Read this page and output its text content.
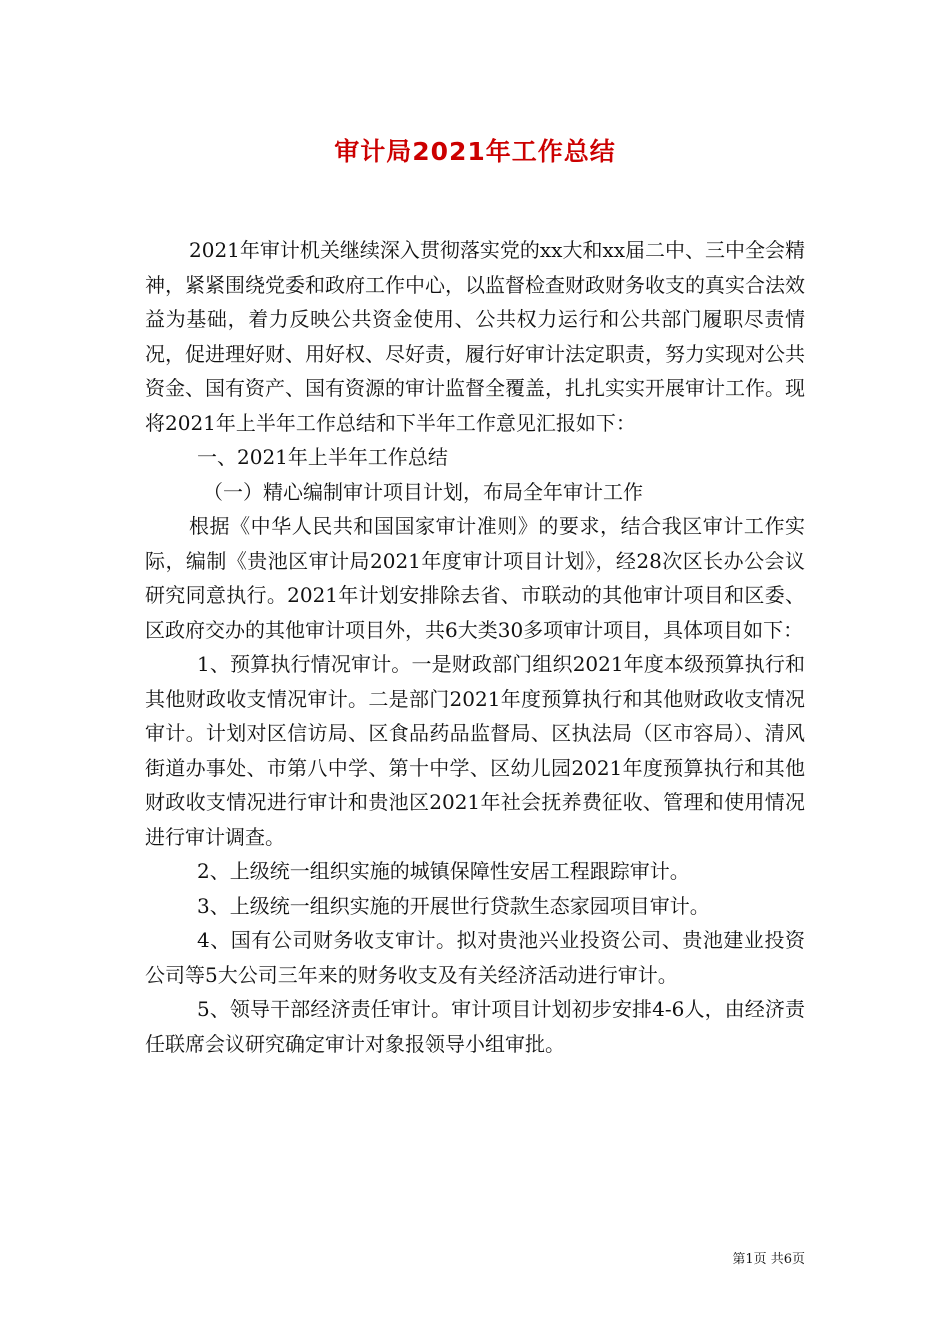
审计局2021年工作总结

2021年审计机关继续深入贯彻落实党的xx大和xx届二中、三中全会精神，紧紧围绕党委和政府工作中心，以监督检查财政财务收支的真实合法效益为基础，着力反映公共资金使用、公共权力运行和公共部门履职尽责情况，促进理好财、用好权、尽好责，履行好审计法定职责，努力实现对公共资金、国有资产、国有资源的审计监督全覆盖，扎扎实实开展审计工作。现将2021年上半年工作总结和下半年工作意见汇报如下：

一、2021年上半年工作总结

（一）精心编制审计项目计划，布局全年审计工作

根据《中华人民共和国国家审计准则》的要求，结合我区审计工作实际，编制《贵池区审计局2021年度审计项目计划》，经28次区长办公会议研究同意执行。2021年计划安排除去省、市联动的其他审计项目和区委、区政府交办的其他审计项目外，共6大类30多项审计项目，具体项目如下：

1、预算执行情况审计。一是财政部门组织2021年度本级预算执行和其他财政收支情况审计。二是部门2021年度预算执行和其他财政收支情况审计。计划对区信访局、区食品药品监督局、区执法局（区市容局）、清风街道办事处、市第八中学、第十中学、区幼儿园2021年度预算执行和其他财政收支情况进行审计和贵池区2021年社会抚养费征收、管理和使用情况进行审计调查。

2、上级统一组织实施的城镇保障性安居工程跟踪审计。

3、上级统一组织实施的开展世行贷款生态家园项目审计。

4、国有公司财务收支审计。拟对贵池兴业投资公司、贵池建业投资公司等5大公司三年来的财务收支及有关经济活动进行审计。

5、领导干部经济责任审计。审计项目计划初步安排4-6人，由经济责任联席会议研究确定审计对象报领导小组审批。

第1页 共6页
